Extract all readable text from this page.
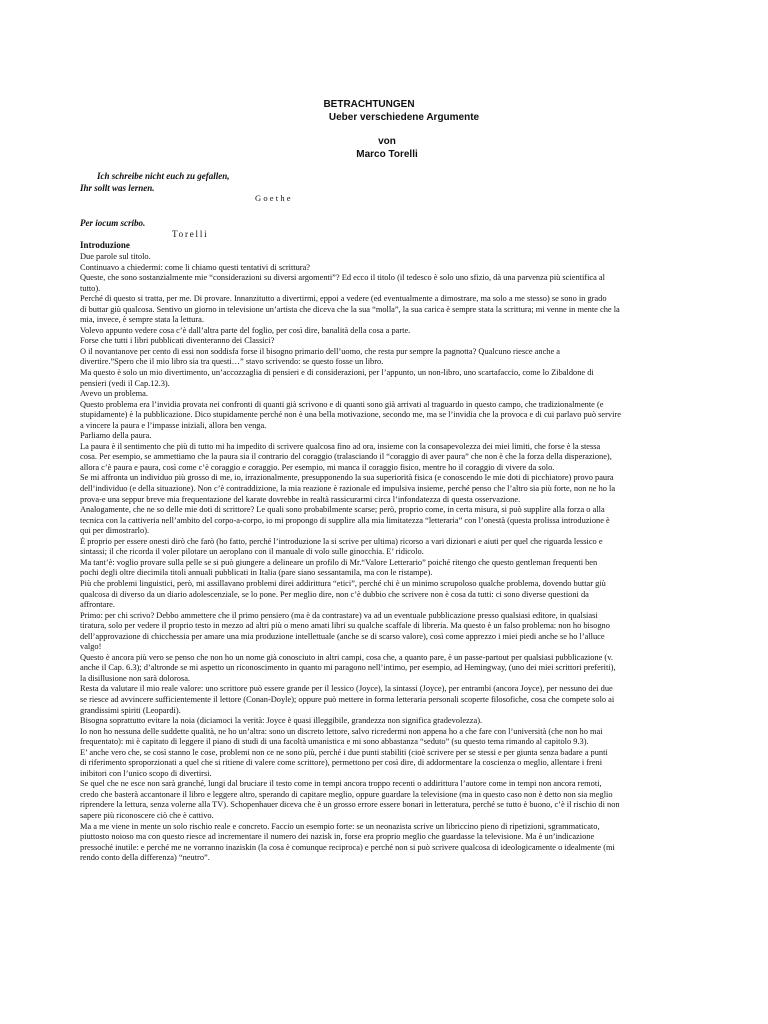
BETRACHTUNGEN
Ueber verschiedene Argumente
von
Marco Torelli
Ich schreibe nicht euch zu gefallen,
Ihr sollt was lernen.
Goethe
Per iocum scribo.
Torelli
Introduzione
Due parole sul titolo.
Continuavo a chiedermi: come li chiamo questi tentativi di scrittura?
Queste, che sono sostanzialmente mie “considerazioni su diversi argomenti”? Ed ecco il titolo (il tedesco è solo uno sfizio, dà una parvenza più scientifica al
tutto).
Perché di questo si tratta, per me. Di provare. Innanzitutto a divertirmi, eppoi a vedere (ed eventualmente a dimostrare, ma solo a me stesso) se sono in grado
di buttar giù qualcosa. Sentivo un giorno in televisione un’artista che diceva che la sua “molla”, la sua carica è sempre stata la scrittura; mi venne in mente che la
mia, invece, è sempre stata la lettura.
Volevo appunto vedere cosa c’è dall’altra parte del foglio, per così dire, banalità della cosa a parte.
Forse che tutti i libri pubblicati diventeranno dei Classici?
O il novantanove per cento di essi non soddisfa forse il bisogno primario dell’uomo, che resta pur sempre la pagnotta? Qualcuno riesce anche a
divertire.”Spero che il mio libro sia tra questi…” stavo scrivendo: se questo fosse un libro.
Ma questo è solo un mio divertimento, un’accozzaglia di pensieri e di considerazioni, per l’appunto, un non-libro, uno scartafaccio, come lo Zibaldone di
pensieri (vedi il Cap.12.3).
Avevo un problema.
Questo problema era l’invidia provata nei confronti di quanti già scrivono e di quanti sono già arrivati al traguardo in questo campo, che tradizionalmente (e
stupidamente) è la pubblicazione. Dico stupidamente perché non è una bella motivazione, secondo me, ma se l’invidia che la provoca e di cui parlavo può servire
a vincere la paura e l’impasse iniziali, allora ben venga.
Parliamo della paura.
La paura è il sentimento che più di tutto mi ha impedito di scrivere qualcosa fino ad ora, insieme con la consapevolezza dei miei limiti, che forse è la stessa
cosa. Per esempio, se ammettiamo che la paura sia il contrario del coraggio (tralasciando il “coraggio di aver paura” che non è che la forza della disperazione),
allora c’è paura e paura, così come c’è coraggio e coraggio. Per esempio, mi manca il coraggio fisico, mentre ho il coraggio di vivere da solo.
Se mi affronta un individuo più grosso di me, io, irrazionalmente, presupponendo la sua superiorità fisica (e conoscendo le mie doti di picchiatore) provo paura
dell’individuo (e della situazione). Non c’è contraddizione, la mia reazione è razionale ed impulsiva insieme, perché penso che l’altro sia più forte, non ne ho la
prova-e una seppur breve mia frequentazione del karate dovrebbe in realtà rassicurarmi circa l’infondatezza di questa osservazione.
Analogamente, che ne so delle mie doti di scrittore? Le quali sono probabilmente scarse; però, proprio come, in certa misura, si può supplire alla forza o alla
tecnica con la cattiveria nell’ambito del corpo-a-corpo, io mi propongo di supplire alla mia limitatezza “letteraria” con l’onestà (questa prolissa introduzione è
qui per dimostrarlo).
È proprio per essere onesti dirò che farò (ho fatto, perché l’introduzione la si scrive per ultima) ricorso a vari dizionari e aiuti per quel che riguarda lessico e
sintassi; il che ricorda il voler pilotare un aeroplano con il manuale di volo sulle ginocchia. E’ ridicolo.
Ma tant’è: voglio provare sulla pelle se si può giungere a delineare un profilo di Mr.“Valore Letterario” poiché ritengo che questo gentleman frequenti ben
pochi degli oltre diecimila titoli annuali pubblicati in Italia (pare siano sessantamila, ma con le ristampe).
Più che problemi linguistici, però, mi assillavano problemi direi addirittura “etici”, perché chi è un minimo scrupoloso qualche problema, dovendo buttar giù
qualcosa di diverso da un diario adolescenziale, se lo pone. Per meglio dire, non c’è dubbio che scrivere non è cosa da tutti: ci sono diverse questioni da
affrontare.
Primo: per chi scrivo? Debbo ammettere che il primo pensiero (ma è da contrastare) va ad un eventuale pubblicazione presso qualsiasi editore, in qualsiasi
tiratura, solo per vedere il proprio testo in mezzo ad altri più o meno amati libri su qualche scaffale di libreria. Ma questo è un falso problema: non ho bisogno
dell’approvazione di chicchessia per amare una mia produzione intellettuale (anche se di scarso valore), così come apprezzo i miei piedi anche se ho l’alluce
valgo!
Questo è ancora più vero se penso che non ho un nome già conosciuto in altri campi, cosa che, a quanto pare, è un passe-partout per qualsiasi pubblicazione (v.
anche il Cap. 6.3); d’altronde se mi aspetto un riconoscimento in quanto mi paragono nell’intimo, per esempio, ad Hemingway, (uno dei miei scrittori preferiti),
la disillusione non sarà dolorosa.
Resta da valutare il mio reale valore: uno scrittore può essere grande per il lessico (Joyce), la sintassi (Joyce), per entrambi (ancora Joyce), per nessuno dei due
se riesce ad avvincere sufficientemente il lettore (Conan-Doyle); oppure può mettere in forma letteraria personali scoperte filosofiche, cosa che compete solo ai
grandissimi spiriti (Leopardi).
Bisogna soprattutto evitare la noia (diciamoci la verità: Joyce è quasi illeggibile, grandezza non significa gradevolezza).
Io non ho nessuna delle suddette qualità, ne ho un’altra: sono un discreto lettore, salvo ricredermi non appena ho a che fare con l’università (che non ho mai
frequentato): mi è capitato di leggere il piano di studi di una facoltà umanistica e mi sono abbastanza “seduto” (su questo tema rimando al capitolo 9.3).
E’ anche vero che, se così stanno le cose, problemi non ce ne sono più, perché i due punti stabiliti (cioè scrivere per se stessi e per giunta senza badare a punti
di riferimento sproporzionati a quel che si ritiene di valere come scrittore), permettono per così dire, di addormentare la coscienza o meglio, allentare i freni
inibitori con l’unico scopo di divertirsi.
Se quel che ne esce non sarà granché, lungi dal bruciare il testo come in tempi ancora troppo recenti o addirittura l’autore come in tempi non ancora remoti,
credo che basterà accantonare il libro e leggere altro, sperando di capitare meglio, oppure guardare la televisione (ma in questo caso non è detto non sia meglio
riprendere la lettura, senza volerne alla TV). Schopenhauer diceva che è un grosso errore essere bonari in letteratura, perché se tutto è buono, c’è il rischio di non
sapere più riconoscere ciò che è cattivo.
Ma a me viene in mente un solo rischio reale e concreto. Faccio un esempio forte: se un neonazista scrive un libriccino pieno di ripetizioni, sgrammaticato,
piuttosto noioso ma con questo riesce ad incrementare il numero dei nazisk in, forse era proprio meglio che guardasse la televisione. Ma è un’indicazione
pressoché inutile: e perché me ne vorranno inaziskin (la cosa è comunque reciproca) e perché non si può scrivere qualcosa di ideologicamente o idealmente (mi
rendo conto della differenza) “neutro”.
